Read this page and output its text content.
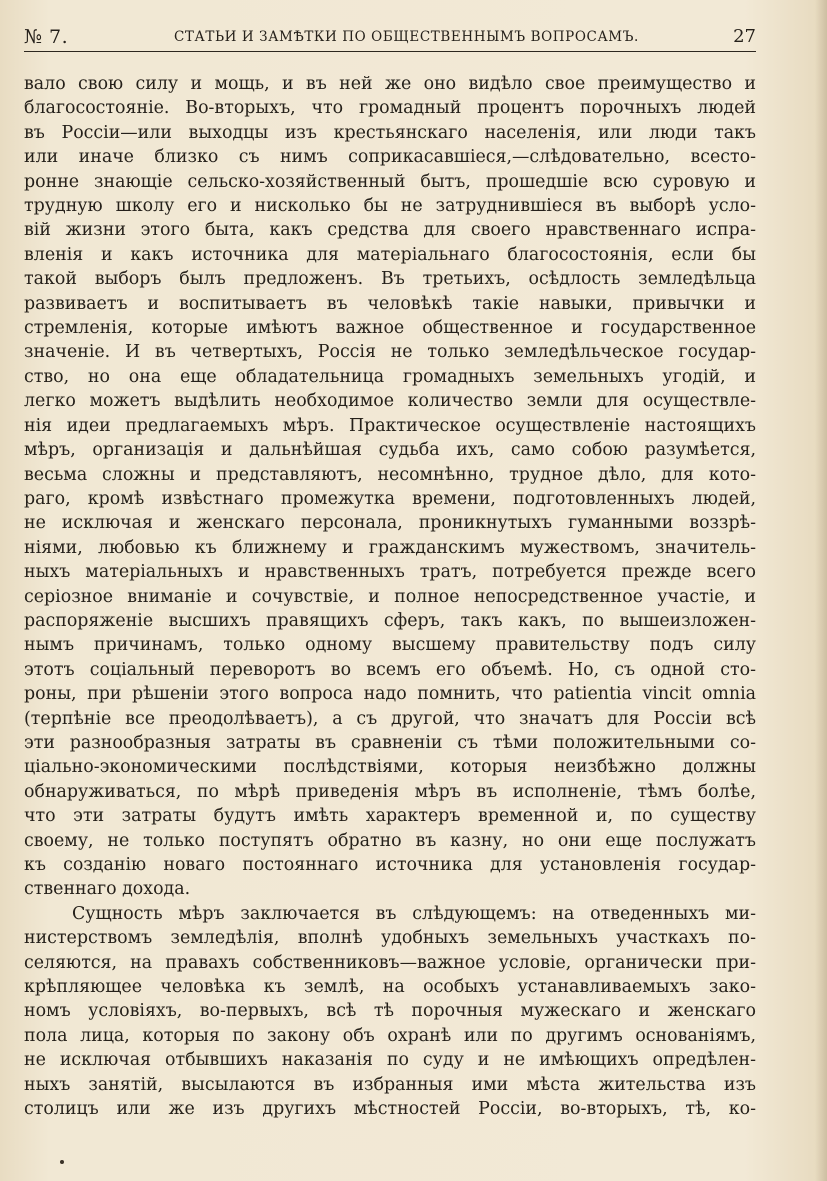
№ 7.	СТАТЬИ И ЗАМѢТКИ ПО ОБЩЕСТВЕННЫМЪ ВОПРОСАМЪ.	27
вало свою силу и мощь, и въ ней же оно видѣло свое преимущество и
благосостояніе. Во-вторыхъ, что громадный процентъ порочныхъ людей
въ Россіи—или выходцы изъ крестьянскаго населенія, или люди такъ
или иначе близко съ нимъ соприкасавшіеся,—слѣдовательно, всесто-
ронне знающіе сельско-хозяйственный бытъ, прошедшіе всю суровую и
трудную школу его и нисколько бы не затруднившіеся въ выборѣ усло-
вій жизни этого быта, какъ средства для своего нравственнаго испра-
вленія и какъ источника для матеріальнаго благосостоянія, если бы
такой выборъ былъ предложенъ. Въ третьихъ, осѣдлость земледѣльца
развиваетъ и воспитываетъ въ человѣкѣ такіе навыки, привычки и
стремленія, которые имѣютъ важное общественное и государственное
значеніе. И въ четвертыхъ, Россія не только земледѣльческое государ-
ство, но она еще обладательница громадныхъ земельныхъ угодій, и
легко можетъ выдѣлить необходимое количество земли для осуществле-
нія идеи предлагаемыхъ мѣръ. Практическое осуществленіе настоящихъ
мѣръ, организація и дальнѣйшая судьба ихъ, само собою разумѣется,
весьма сложны и представляютъ, несомнѣнно, трудное дѣло, для кото-
раго, кромѣ извѣстнаго промежутка времени, подготовленныхъ людей,
не исключая и женскаго персонала, проникнутыхъ гуманными воззрѣ-
ніями, любовью къ ближнему и гражданскимъ мужествомъ, значитель-
ныхъ матеріальныхъ и нравственныхъ тратъ, потребуется прежде всего
серіозное вниманіе и сочувствіе, и полное непосредственное участіе, и
распоряженіе высшихъ правящихъ сферъ, такъ какъ, по вышеизложен-
нымъ причинамъ, только одному высшему правительству подъ силу
этотъ соціальный переворотъ во всемъ его объемѣ. Но, съ одной сто-
роны, при рѣшеніи этого вопроса надо помнить, что patientia vincit omnia
(терпѣніе все преодолѣваетъ), а съ другой, что значатъ для Россіи всѣ
эти разнообразныя затраты въ сравненіи съ тѣми положительными со-
ціально-экономическими послѣдствіями, которыя неизбѣжно должны
обнаруживаться, по мѣрѣ приведенія мѣръ въ исполненіе, тѣмъ болѣе,
что эти затраты будутъ имѣть характеръ временной и, по существу
своему, не только поступятъ обратно въ казну, но они еще послужатъ
къ созданію новаго постояннаго источника для установленія государ-
ственнаго дохода.
Сущность мѣръ заключается въ слѣдующемъ: на отведенныхъ ми-
нистерствомъ земледѣлія, вполнѣ удобныхъ земельныхъ участкахъ по-
селяются, на правахъ собственниковъ—важное условіе, органически при-
крѣпляющее человѣка къ землѣ, на особыхъ устанавливаемыхъ зако-
номъ условіяхъ, во-первыхъ, всѣ тѣ порочныя мужескаго и женскаго
пола лица, которыя по закону объ охранѣ или по другимъ основаніямъ,
не исключая отбывшихъ наказанія по суду и не имѣющихъ опредѣлен-
ныхъ занятій, высылаются въ избранныя ими мѣста жительства изъ
столицъ или же изъ другихъ мѣстностей Россіи, во-вторыхъ, тѣ, ко-
